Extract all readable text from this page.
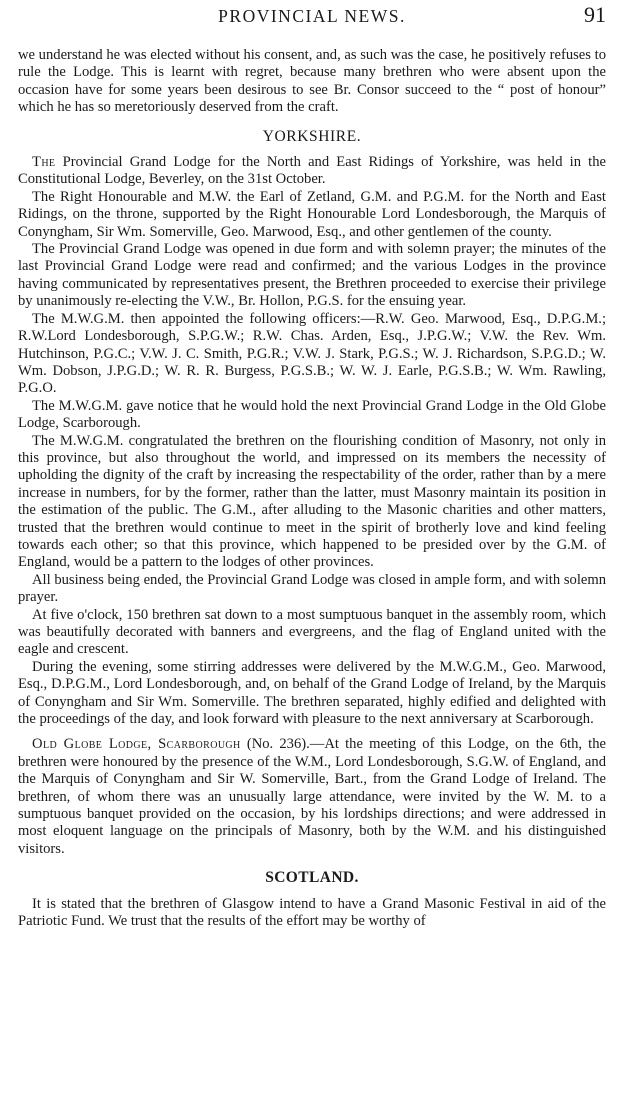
PROVINCIAL NEWS.	91

we understand he was elected without his consent, and, as such was the case, he positively refuses to rule the Lodge. This is learnt with regret, because many brethren who were absent upon the occasion have for some years been desirous to see Br. Consor succeed to the “ post of honour” which he has so meretoriously deserved from the craft.

YORKSHIRE.

The Provincial Grand Lodge for the North and East Ridings of Yorkshire, was held in the Constitutional Lodge, Beverley, on the 31st October.

The Right Honourable and M.W. the Earl of Zetland, G.M. and P.G.M. for the North and East Ridings, on the throne, supported by the Right Honourable Lord Londesborough, the Marquis of Conyngham, Sir Wm. Somerville, Geo. Marwood, Esq., and other gentlemen of the county.

The Provincial Grand Lodge was opened in due form and with solemn prayer; the minutes of the last Provincial Grand Lodge were read and confirmed; and the various Lodges in the province having communicated by representatives present, the Brethren proceeded to exercise their privilege by unanimously re-electing the V.W., Br. Hollon, P.G.S. for the ensuing year.

The M.W.G.M. then appointed the following officers:—R.W. Geo. Marwood, Esq., D.P.G.M.; R.W.Lord Londesborough, S.P.G.W.; R.W. Chas. Arden, Esq., J.P.G.W.; V.W. the Rev. Wm. Hutchinson, P.G.C.; V.W. J. C. Smith, P.G.R.; V.W. J. Stark, P.G.S.; W. J. Richardson, S.P.G.D.; W. Wm. Dobson, J.P.G.D.; W. R. R. Burgess, P.G.S.B.; W. W. J. Earle, P.G.S.B.; W. Wm. Rawling, P.G.O.

The M.W.G.M. gave notice that he would hold the next Provincial Grand Lodge in the Old Globe Lodge, Scarborough.

The M.W.G.M. congratulated the brethren on the flourishing condition of Masonry, not only in this province, but also throughout the world, and impressed on its members the necessity of upholding the dignity of the craft by increasing the respectability of the order, rather than by a mere increase in numbers, for by the former, rather than the latter, must Masonry maintain its position in the estimation of the public. The G.M., after alluding to the Masonic charities and other matters, trusted that the brethren would continue to meet in the spirit of brotherly love and kind feeling towards each other; so that this province, which happened to be presided over by the G.M. of England, would be a pattern to the lodges of other provinces.

All business being ended, the Provincial Grand Lodge was closed in ample form, and with solemn prayer.

At five o'clock, 150 brethren sat down to a most sumptuous banquet in the assembly room, which was beautifully decorated with banners and evergreens, and the flag of England united with the eagle and crescent.

During the evening, some stirring addresses were delivered by the M.W.G.M., Geo. Marwood, Esq., D.P.G.M., Lord Londesborough, and, on behalf of the Grand Lodge of Ireland, by the Marquis of Conyngham and Sir Wm. Somerville. The brethren separated, highly edified and delighted with the proceedings of the day, and look forward with pleasure to the next anniversary at Scarborough.

Old Globe Lodge, Scarborough (No. 236).—At the meeting of this Lodge, on the 6th, the brethren were honoured by the presence of the W.M., Lord Londesborough, S.G.W. of England, and the Marquis of Conyngham and Sir W. Somerville, Bart., from the Grand Lodge of Ireland. The brethren, of whom there was an unusually large attendance, were invited by the W. M. to a sumptuous banquet provided on the occasion, by his lordships directions; and were addressed in most eloquent language on the principals of Masonry, both by the W.M. and his distinguished visitors.

SCOTLAND.

It is stated that the brethren of Glasgow intend to have a Grand Masonic Festival in aid of the Patriotic Fund. We trust that the results of the effort may be worthy of
